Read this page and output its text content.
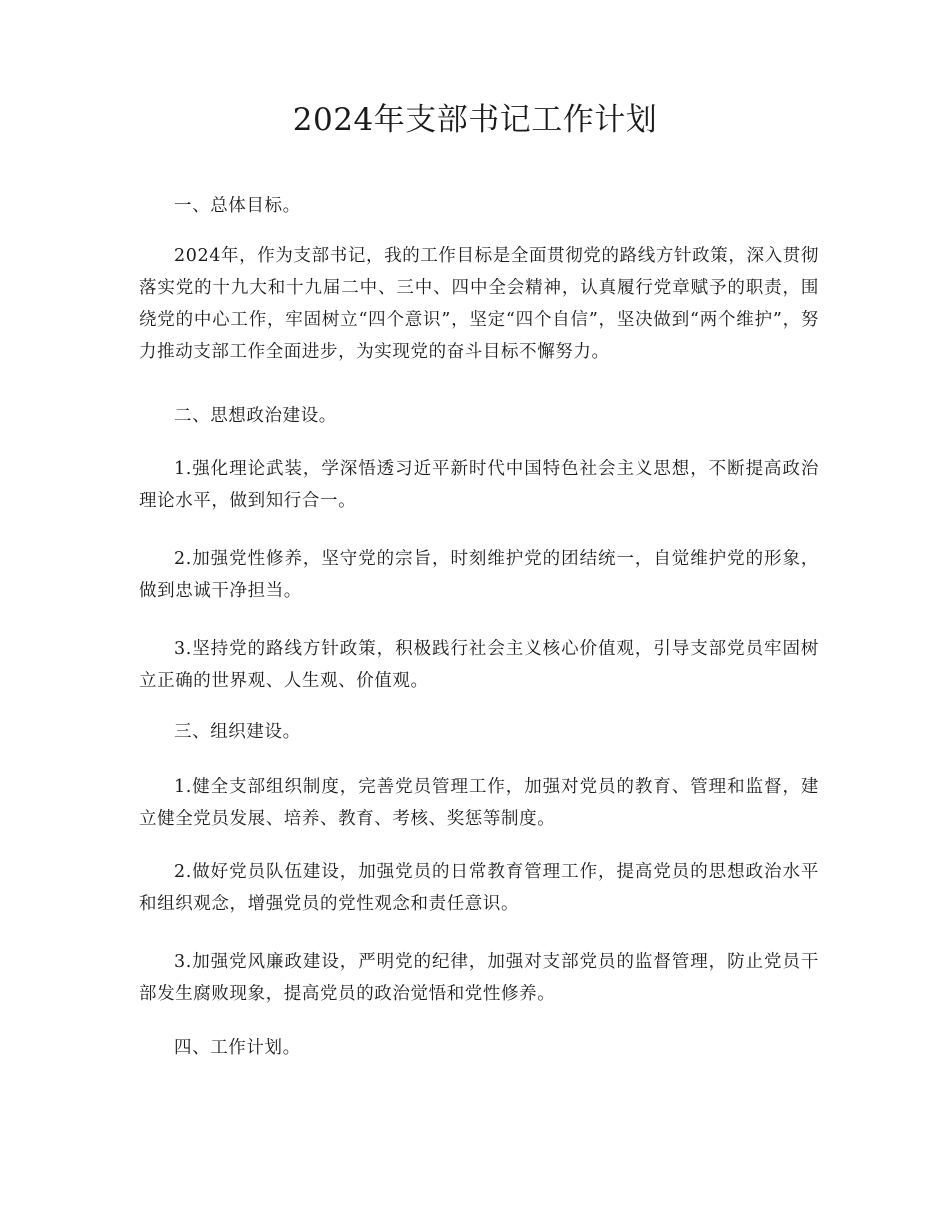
2024年支部书记工作计划

一、总体目标。

2024年，作为支部书记，我的工作目标是全面贯彻党的路线方针政策，深入贯彻落实党的十九大和十九届二中、三中、四中全会精神，认真履行党章赋予的职责，围绕党的中心工作，牢固树立“四个意识”，坚定“四个自信”，坚决做到“两个维护”，努力推动支部工作全面进步，为实现党的奋斗目标不懈努力。

二、思想政治建设。

1.强化理论武装，学深悟透习近平新时代中国特色社会主义思想，不断提高政治理论水平，做到知行合一。

2.加强党性修养，坚守党的宗旨，时刻维护党的团结统一，自觉维护党的形象，做到忠诚干净担当。

3.坚持党的路线方针政策，积极践行社会主义核心价值观，引导支部党员牢固树立正确的世界观、人生观、价值观。

三、组织建设。

1.健全支部组织制度，完善党员管理工作，加强对党员的教育、管理和监督，建立健全党员发展、培养、教育、考核、奖惩等制度。

2.做好党员队伍建设，加强党员的日常教育管理工作，提高党员的思想政治水平和组织观念，增强党员的党性观念和责任意识。

3.加强党风廉政建设，严明党的纪律，加强对支部党员的监督管理，防止党员干部发生腐败现象，提高党员的政治觉悟和党性修养。

四、工作计划。
